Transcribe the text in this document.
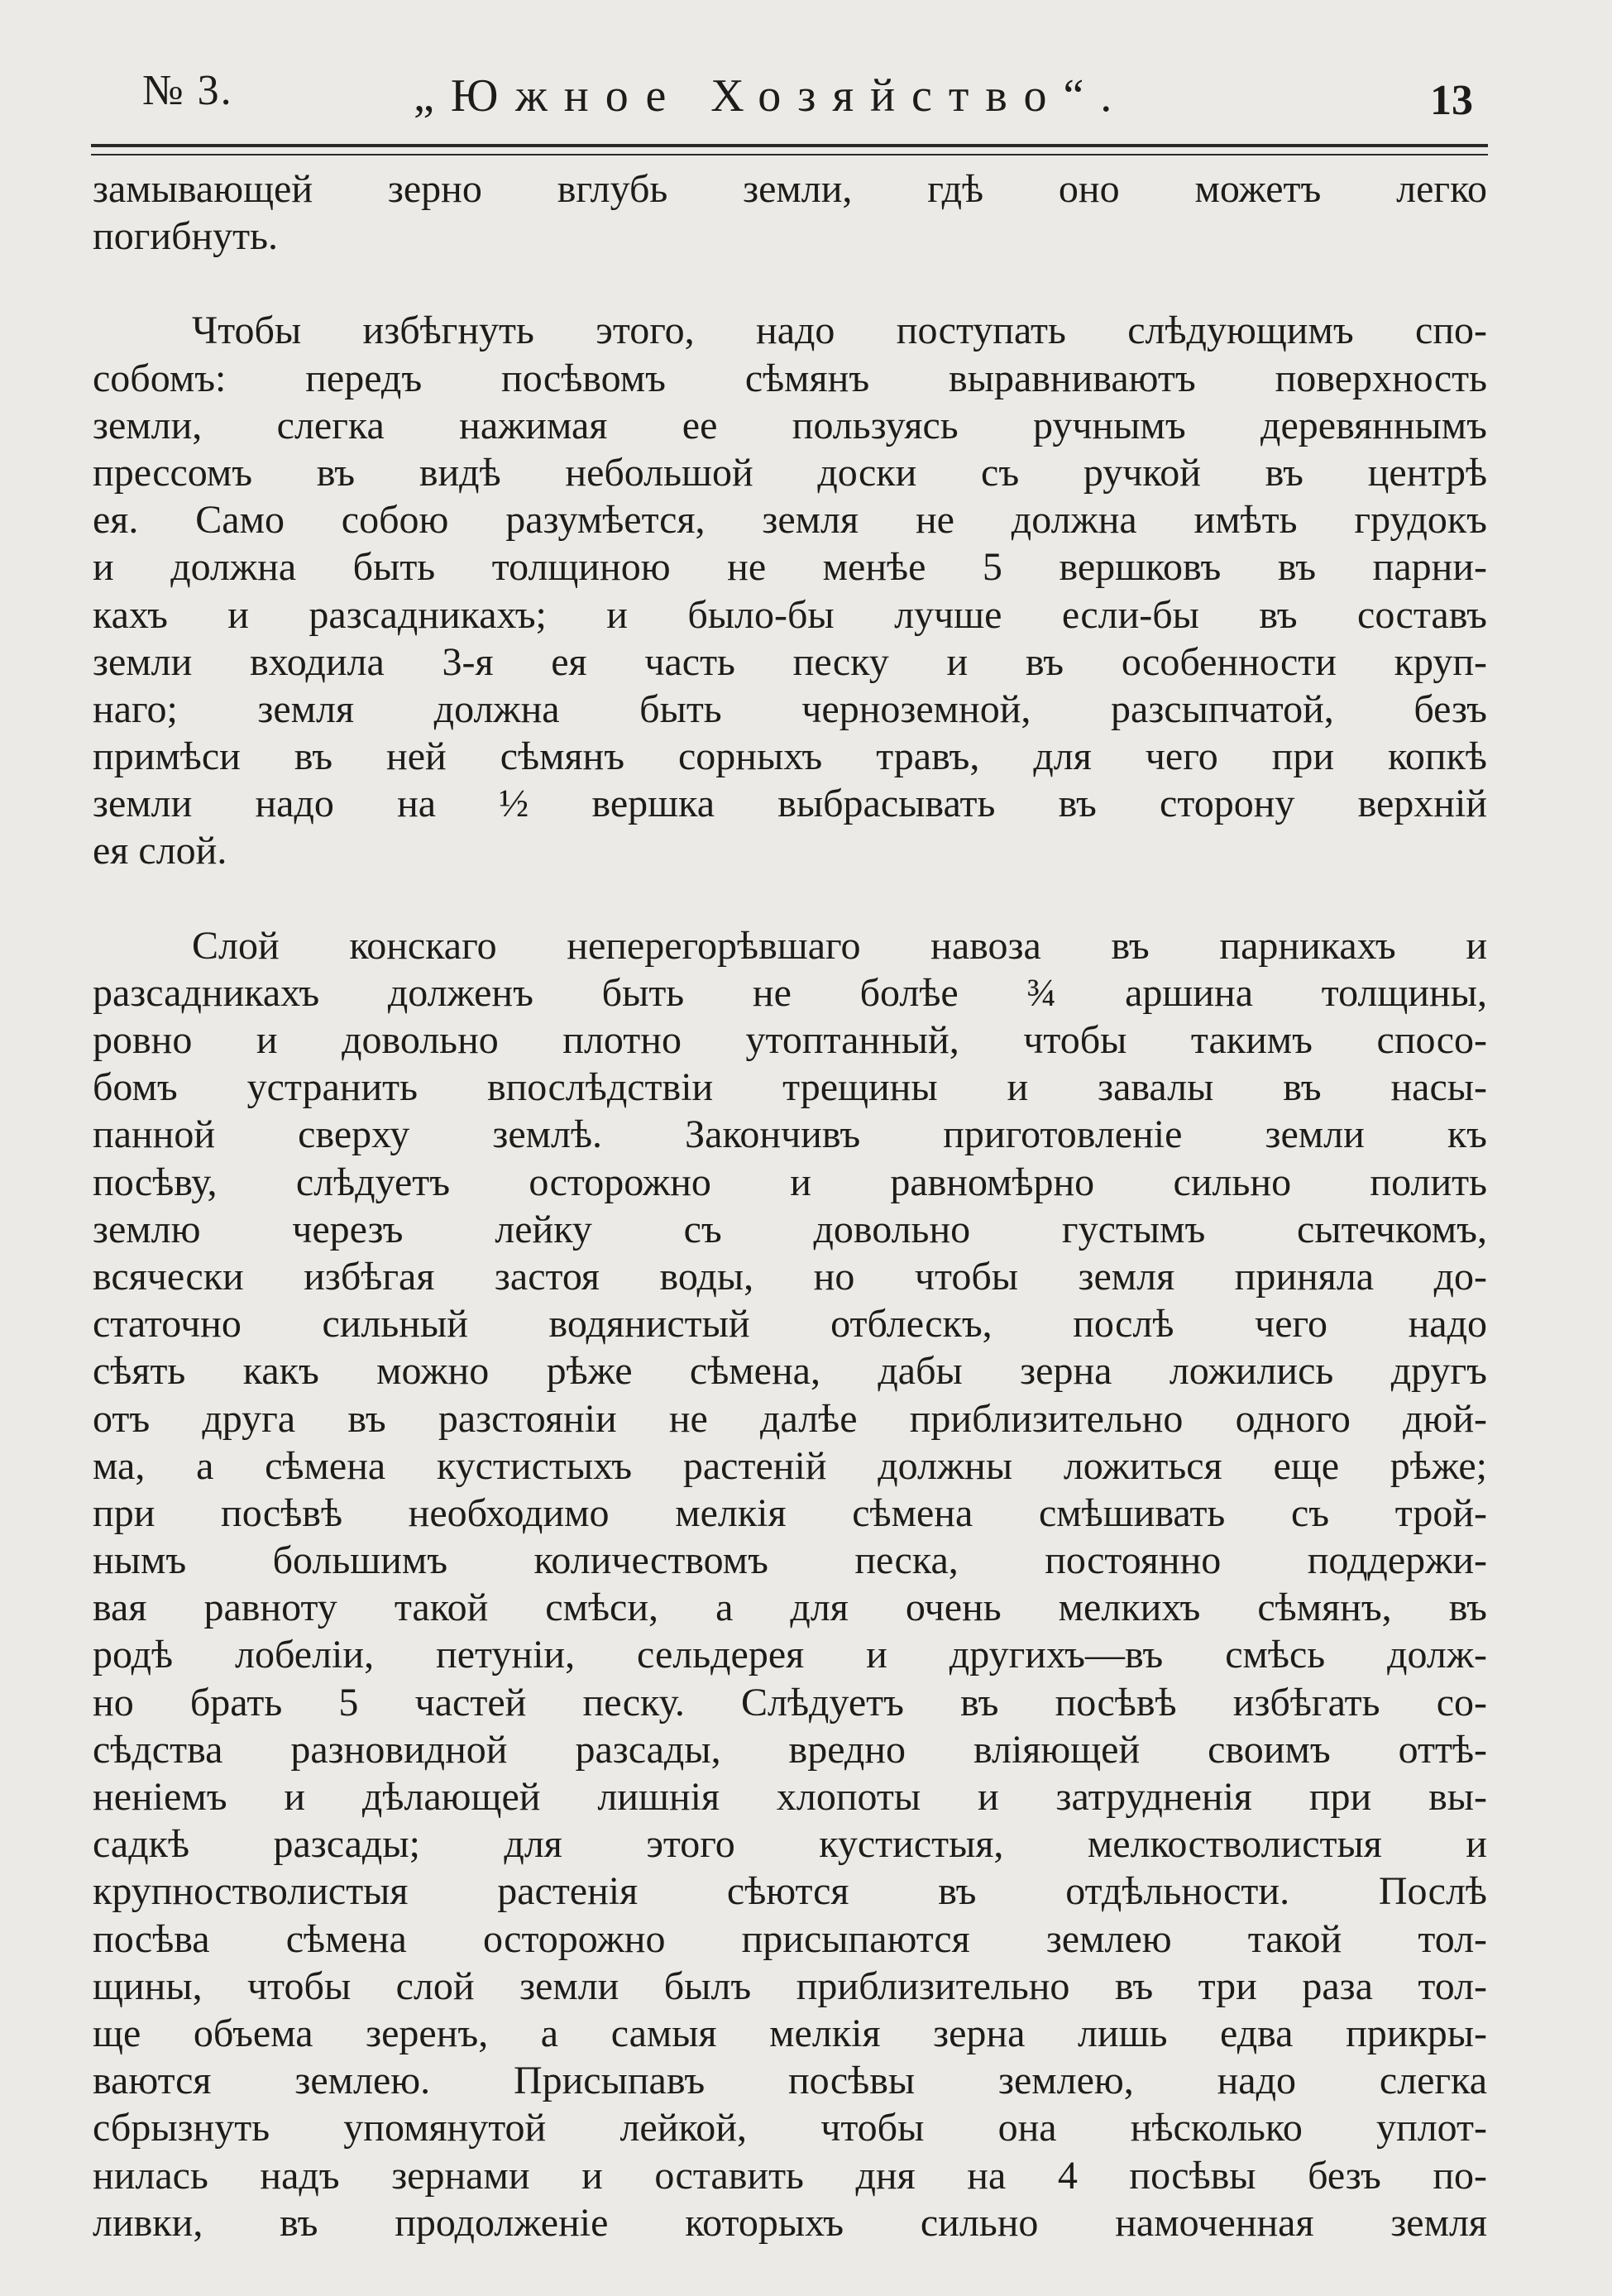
№ 3.	„Южное Хозяйство“.	13
замывающей зерно вглубь земли, гдѣ оно можетъ легко
погибнуть.
Чтобы избѣгнуть этого, надо поступать слѣдующимъ спо-
собомъ: передъ посѣвомъ сѣмянъ выравниваютъ поверхность
земли, слегка нажимая ее пользуясь ручнымъ деревяннымъ
прессомъ въ видѣ небольшой доски съ ручкой въ центрѣ
ея. Само собою разумѣется, земля не должна имѣть грудокъ
и должна быть толщиною не менѣе 5 вершковъ въ парни-
кахъ и разсадникахъ; и было-бы лучше если-бы въ составъ
земли входила 3-я ея часть песку и въ особенности круп-
наго; земля должна быть черноземной, разсыпчатой, безъ
примѣси въ ней сѣмянъ сорныхъ травъ, для чего при копкѣ
земли надо на ½ вершка выбрасывать въ сторону верхнiй
ея слой.
Слой конскаго неперегорѣвшаго навоза въ парникахъ и
разсадникахъ долженъ быть не болѣе ¾ аршина толщины,
ровно и довольно плотно утоптанный, чтобы такимъ спосо-
бомъ устранить впослѣдствiи трещины и завалы въ насы-
панной сверху землѣ. Закончивъ приготовленiе земли къ
посѣву, слѣдуетъ осторожно и равномѣрно сильно полить
землю черезъ лейку съ довольно густымъ сытечкомъ,
всячески избѣгая застоя воды, но чтобы земля приняла до-
статочно сильный водянистый отблескъ, послѣ чего надо
сѣять какъ можно рѣже сѣмена, дабы зерна ложились другъ
отъ друга въ разстоянiи не далѣе приблизительно одного дюй-
ма, а сѣмена кустистыхъ растенiй должны ложиться еще рѣже;
при посѣвѣ необходимо мелкiя сѣмена смѣшивать съ трой-
нымъ большимъ количествомъ песка, постоянно поддержи-
вая равноту такой смѣси, а для очень мелкихъ сѣмянъ, въ
родѣ лобелiи, петунiи, сельдерея и другихъ—въ смѣсь долж-
но брать 5 частей песку. Слѣдуетъ въ посѣвѣ избѣгать со-
сѣдства разновидной разсады, вредно влiяющей своимъ оттѣ-
ненiемъ и дѣлающей лишнiя хлопоты и затрудненiя при вы-
садкѣ разсады; для этого кустистыя, мелкостволистыя и
крупностволистыя растенiя сѣются въ отдѣльности. Послѣ
посѣва сѣмена осторожно присыпаются землею такой тол-
щины, чтобы слой земли былъ приблизительно въ три раза тол-
ще объема зеренъ, а самыя мелкiя зерна лишь едва прикры-
ваются землею. Присыпавъ посѣвы землею, надо слегка
сбрызнуть упомянутой лейкой, чтобы она нѣсколько уплот-
нилась надъ зернами и оставить дня на 4 посѣвы безъ по-
ливки, въ продолженiе которыхъ сильно намоченная земля
